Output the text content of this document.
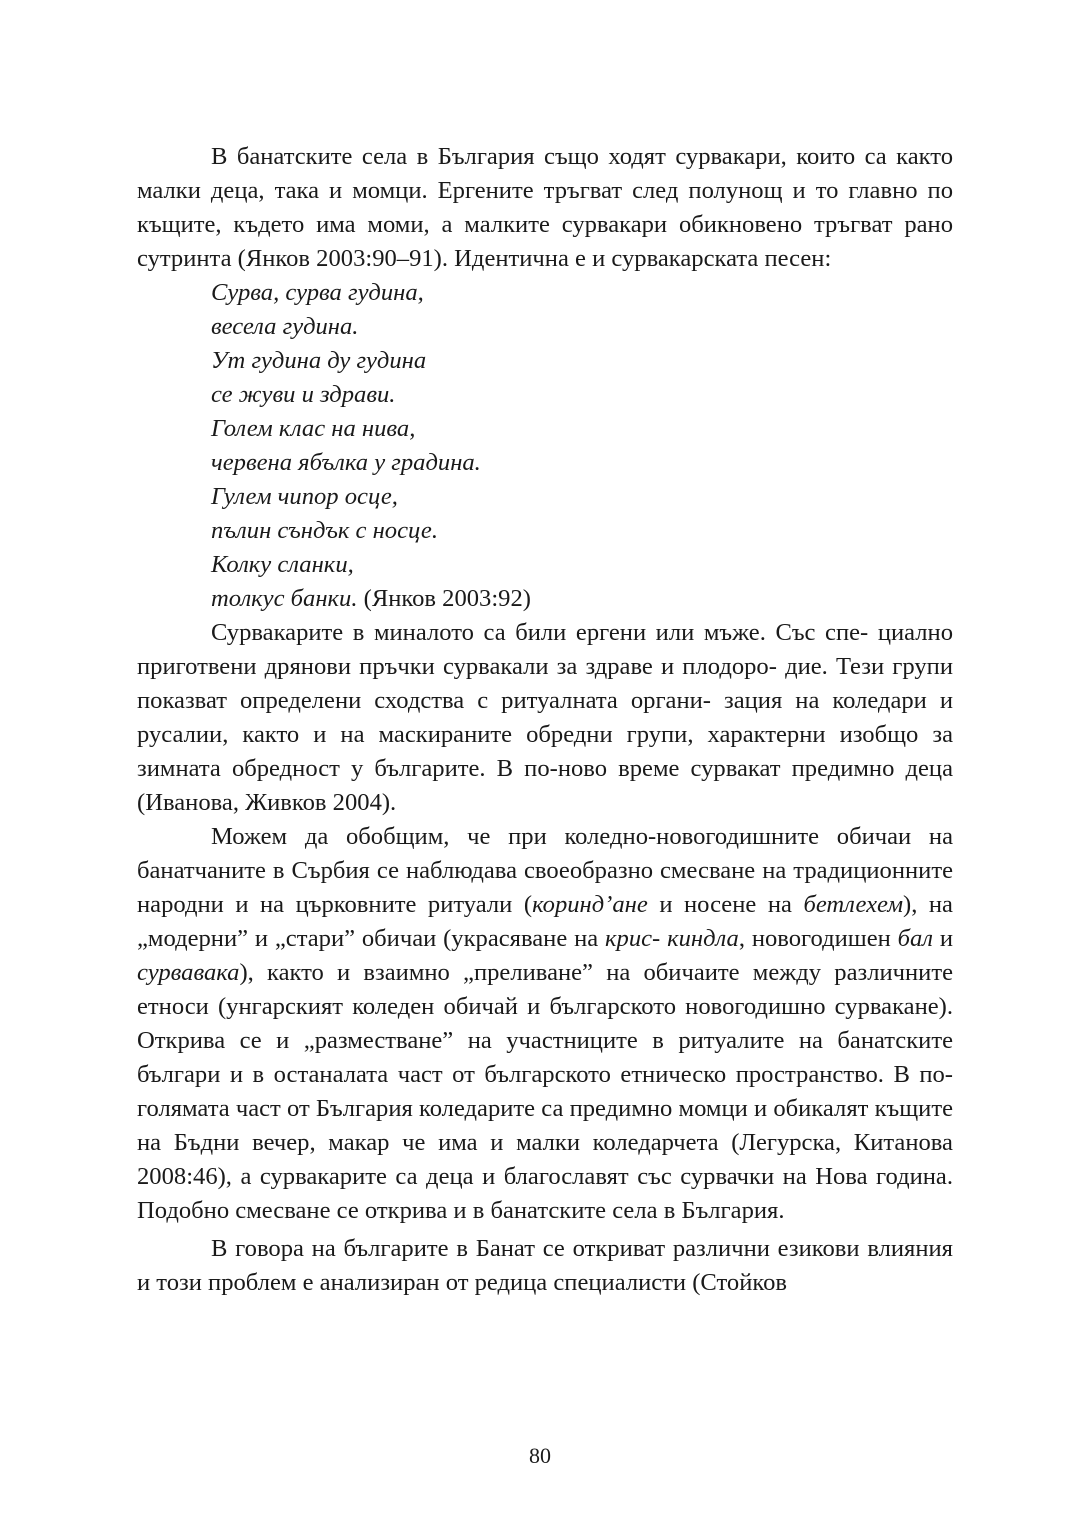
В банатските села в България също ходят сурвакари, които са както малки деца, така и момци. Ергените тръгват след полунощ и то главно по къщите, където има моми, а малките сурвакари обикновено тръгват рано сутринта (Янков 2003:90–91). Идентична е и сурвакарската песен:

Сурва, сурва гудина,
весела гудина.
Ут гудина ду гудина
се жуви и здрави.
Голем клас на нива,
червена ябълка у градина.
Гулем чипор осце,
пълин съндък с носце.
Колку сланки,
толкус банки. (Янков 2003:92)

Сурвакарите в миналото са били ергени или мъже. Със спе- циално приготвени дрянови пръчки сурвакали за здраве и плодоро- дие. Тези групи показват определени сходства с ритуалната органи- зация на коледари и русалии, както и на маскираните обредни групи, характерни изобщо за зимната обредност у българите. В по-ново време сурвакат предимно деца (Иванова, Живков 2004).

Можем да обобщим, че при коледно-новогодишните обичаи на банатчаните в Сърбия се наблюдава своеобразно смесване на традиционните народни и на църковните ритуали (коринд’ане и носене на бетлехем), на „модерни” и „стари” обичаи (украсяване на крис- киндла, новогодишен бал и сурвавака), както и взаимно „преливане” на обичаите между различните етноси (унгарският коледен обичай и българското новогодишно сурвакане). Открива се и „разместване” на участниците в ритуалите на банатските българи и в останалата част от българското етническо пространство. В по-голямата част от България коледарите са предимно момци и обикалят къщите на Бъдни вечер, макар че има и малки коледарчета (Легурска, Китанова 2008:46), а сурвакарите са деца и благославят със сурвачки на Нова година. Подобно смесване се открива и в банатските села в България.

В говора на българите в Банат се откриват различни езикови влияния и този проблем е анализиран от редица специалисти (Стойков

80
